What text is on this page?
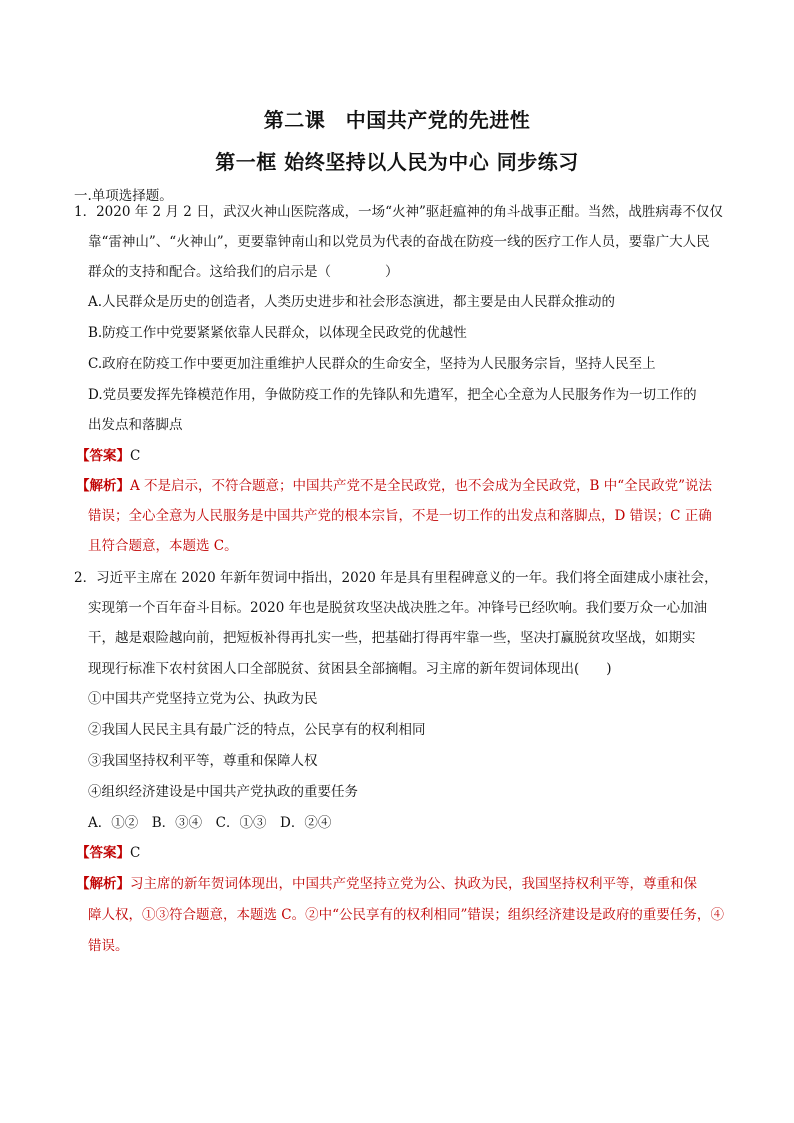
第二课　中国共产党的先进性
第一框 始终坚持以人民为中心 同步练习
一.单项选择题。
1．2020 年 2 月 2 日，武汉火神山医院落成，一场“火神”驱赶瘟神的角斗战事正酣。当然，战胜病毒不仅仅
靠“雷神山”、“火神山”，更要靠钟南山和以党员为代表的奋战在防疫一线的医疗工作人员，要靠广大人民
群众的支持和配合。这给我们的启示是（　　　　）
A.人民群众是历史的创造者，人类历史进步和社会形态演进，都主要是由人民群众推动的
B.防疫工作中党要紧紧依靠人民群众，以体现全民政党的优越性
C.政府在防疫工作中要更加注重维护人民群众的生命安全，坚持为人民服务宗旨，坚持人民至上
D.党员要发挥先锋模范作用，争做防疫工作的先锋队和先遣军，把全心全意为人民服务作为一切工作的
出发点和落脚点
【答案】C
【解析】A 不是启示，不符合题意；中国共产党不是全民政党，也不会成为全民政党，B 中“全民政党”说法
错误；全心全意为人民服务是中国共产党的根本宗旨，不是一切工作的出发点和落脚点，D 错误；C 正确
且符合题意，本题选 C。
2．习近平主席在 2020 年新年贺词中指出，2020 年是具有里程碑意义的一年。我们将全面建成小康社会，
实现第一个百年奋斗目标。2020 年也是脱贫攻坚决战决胜之年。冲锋号已经吹响。我们要万众一心加油
干，越是艰险越向前，把短板补得再扎实一些，把基础打得再牢靠一些，坚决打赢脱贫攻坚战，如期实
现现行标准下农村贫困人口全部脱贫、贫困县全部摘帽。习主席的新年贺词体现出(　　)
①中国共产党坚持立党为公、执政为民
②我国人民民主具有最广泛的特点，公民享有的权利相同
③我国坚持权利平等，尊重和保障人权
④组织经济建设是中国共产党执政的重要任务
A．①②　B．③④　C．①③　D．②④
【答案】C
【解析】习主席的新年贺词体现出，中国共产党坚持立党为公、执政为民，我国坚持权利平等，尊重和保
障人权，①③符合题意，本题选 C。②中“公民享有的权利相同”错误；组织经济建设是政府的重要任务，④
错误。
